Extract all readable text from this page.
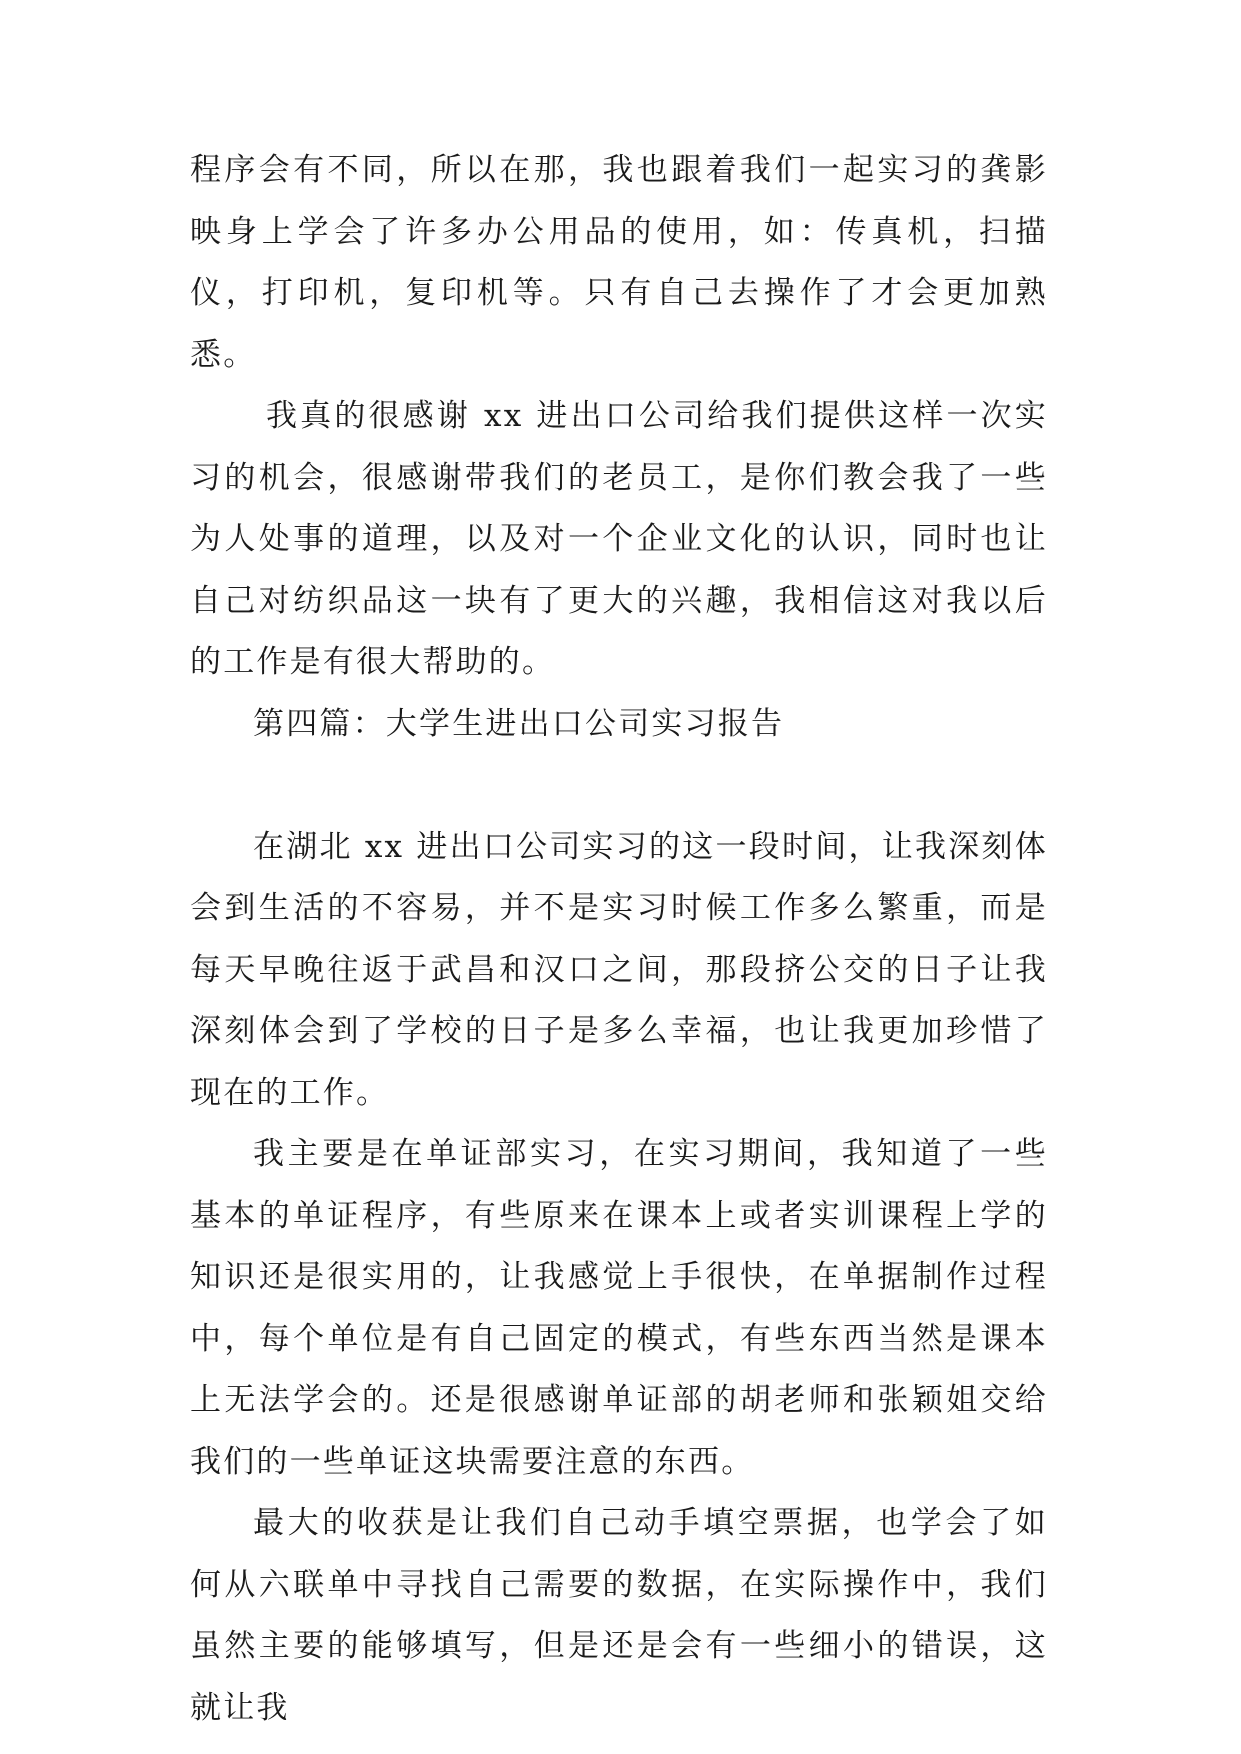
程序会有不同，所以在那，我也跟着我们一起实习的龚影映身上学会了许多办公用品的使用，如：传真机，扫描仪，打印机，复印机等。只有自己去操作了才会更加熟悉。

我真的很感谢 xx 进出口公司给我们提供这样一次实习的机会，很感谢带我们的老员工，是你们教会我了一些为人处事的道理，以及对一个企业文化的认识，同时也让自己对纺织品这一块有了更大的兴趣，我相信这对我以后的工作是有很大帮助的。

第四篇：大学生进出口公司实习报告

在湖北 xx 进出口公司实习的这一段时间，让我深刻体会到生活的不容易，并不是实习时候工作多么繁重，而是每天早晚往返于武昌和汉口之间，那段挤公交的日子让我深刻体会到了学校的日子是多么幸福，也让我更加珍惜了现在的工作。

我主要是在单证部实习，在实习期间，我知道了一些基本的单证程序，有些原来在课本上或者实训课程上学的知识还是很实用的，让我感觉上手很快，在单据制作过程中，每个单位是有自己固定的模式，有些东西当然是课本上无法学会的。还是很感谢单证部的胡老师和张颖姐交给我们的一些单证这块需要注意的东西。

最大的收获是让我们自己动手填空票据，也学会了如何从六联单中寻找自己需要的数据，在实际操作中，我们虽然主要的能够填写，但是还是会有一些细小的错误，这就让我
